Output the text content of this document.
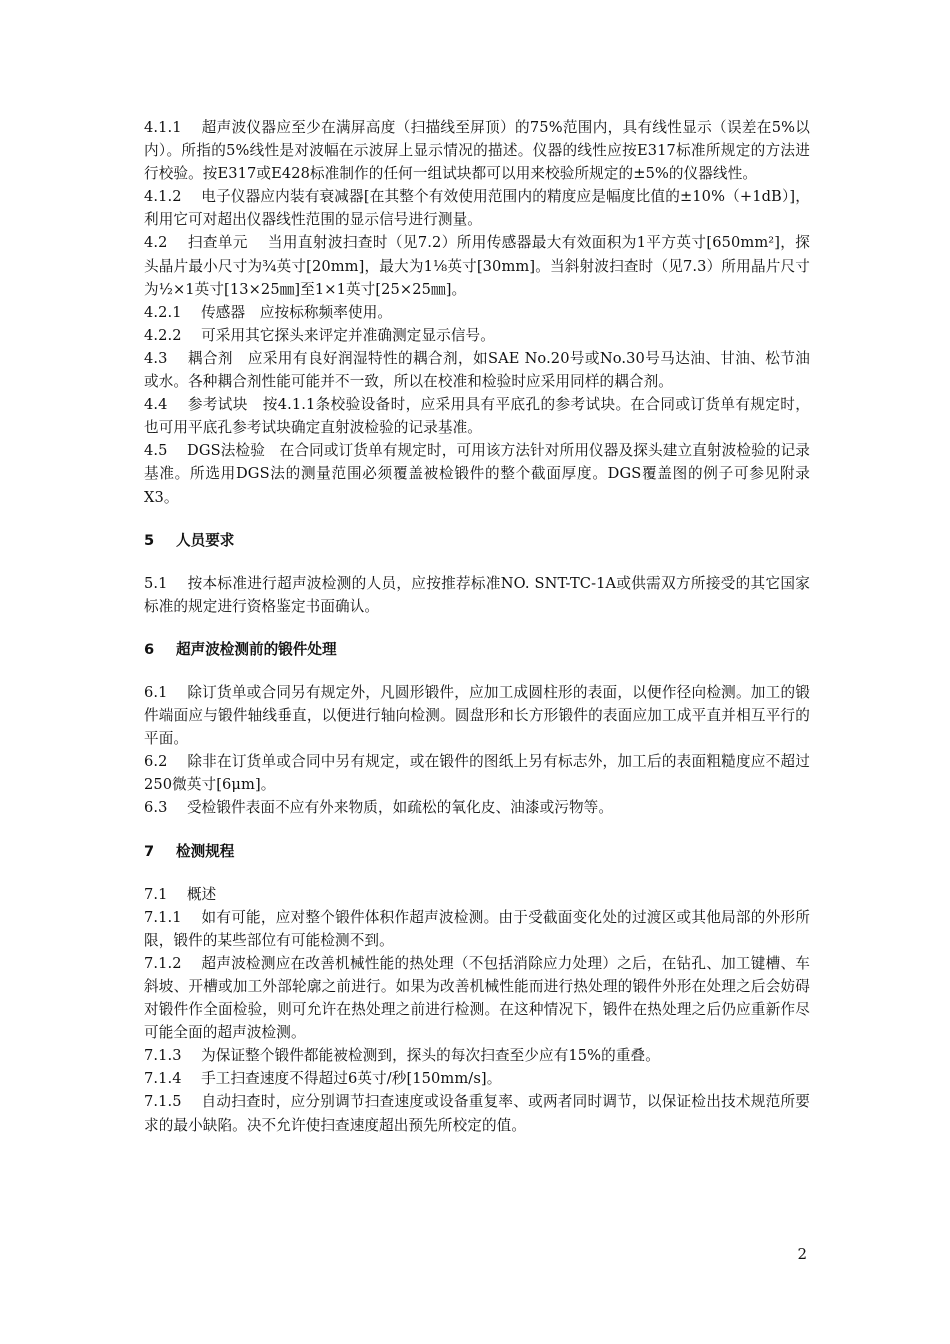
4.1.1　 超声波仪器应至少在满屏高度（扫描线至屏顶）的75%范围内，具有线性显示（误差在5%以内）。所指的5%线性是对波幅在示波屏上显示情况的描述。仪器的线性应按E317标准所规定的方法进行校验。按E317或E428标准制作的任何一组试块都可以用来校验所规定的±5%的仪器线性。

4.1.2　 电子仪器应内装有衰减器[在其整个有效使用范围内的精度应是幅度比值的±10%（+1dB）]，利用它可对超出仪器线性范围的显示信号进行测量。

4.2　 扫查单元　 当用直射波扫查时（见7.2）所用传感器最大有效面积为1平方英寸[650mm²]，探头晶片最小尺寸为¾英寸[20mm]，最大为1⅛英寸[30mm]。当斜射波扫查时（见7.3）所用晶片尺寸为½×1英寸[13×25㎜]至1×1英寸[25×25㎜]。

4.2.1　 传感器　应按标称频率使用。

4.2.2　 可采用其它探头来评定并准确测定显示信号。

4.3　 耦合剂　应采用有良好润湿特性的耦合剂，如SAE No.20号或No.30号马达油、甘油、松节油或水。各种耦合剂性能可能并不一致，所以在校准和检验时应采用同样的耦合剂。

4.4　 参考试块　按4.1.1条校验设备时，应采用具有平底孔的参考试块。在合同或订货单有规定时，也可用平底孔参考试块确定直射波检验的记录基准。

4.5　 DGS法检验　在合同或订货单有规定时，可用该方法针对所用仪器及探头建立直射波检验的记录基准。所选用DGS法的测量范围必须覆盖被检锻件的整个截面厚度。DGS覆盖图的例子可参见附录X3。

5 人员要求

5.1　 按本标准进行超声波检测的人员，应按推荐标准NO. SNT-TC-1A或供需双方所接受的其它国家标准的规定进行资格鉴定书面确认。

6 超声波检测前的锻件处理

6.1　 除订货单或合同另有规定外，凡圆形锻件，应加工成圆柱形的表面，以便作径向检测。加工的锻件端面应与锻件轴线垂直，以便进行轴向检测。圆盘形和长方形锻件的表面应加工成平直并相互平行的平面。

6.2　 除非在订货单或合同中另有规定，或在锻件的图纸上另有标志外，加工后的表面粗糙度应不超过250微英寸[6μm]。

6.3　 受检锻件表面不应有外来物质，如疏松的氧化皮、油漆或污物等。

7 检测规程

7.1　 概述

7.1.1　 如有可能，应对整个锻件体积作超声波检测。由于受截面变化处的过渡区或其他局部的外形所限，锻件的某些部位有可能检测不到。

7.1.2　 超声波检测应在改善机械性能的热处理（不包括消除应力处理）之后，在钻孔、加工键槽、车斜坡、开槽或加工外部轮廓之前进行。如果为改善机械性能而进行热处理的锻件外形在处理之后会妨碍对锻件作全面检验，则可允许在热处理之前进行检测。在这种情况下，锻件在热处理之后仍应重新作尽可能全面的超声波检测。

7.1.3　 为保证整个锻件都能被检测到，探头的每次扫查至少应有15%的重叠。

7.1.4　 手工扫查速度不得超过6英寸/秒[150mm/s]。

7.1.5　 自动扫查时，应分别调节扫查速度或设备重复率、或两者同时调节，以保证检出技术规范所要求的最小缺陷。决不允许使扫查速度超出预先所校定的值。

2
